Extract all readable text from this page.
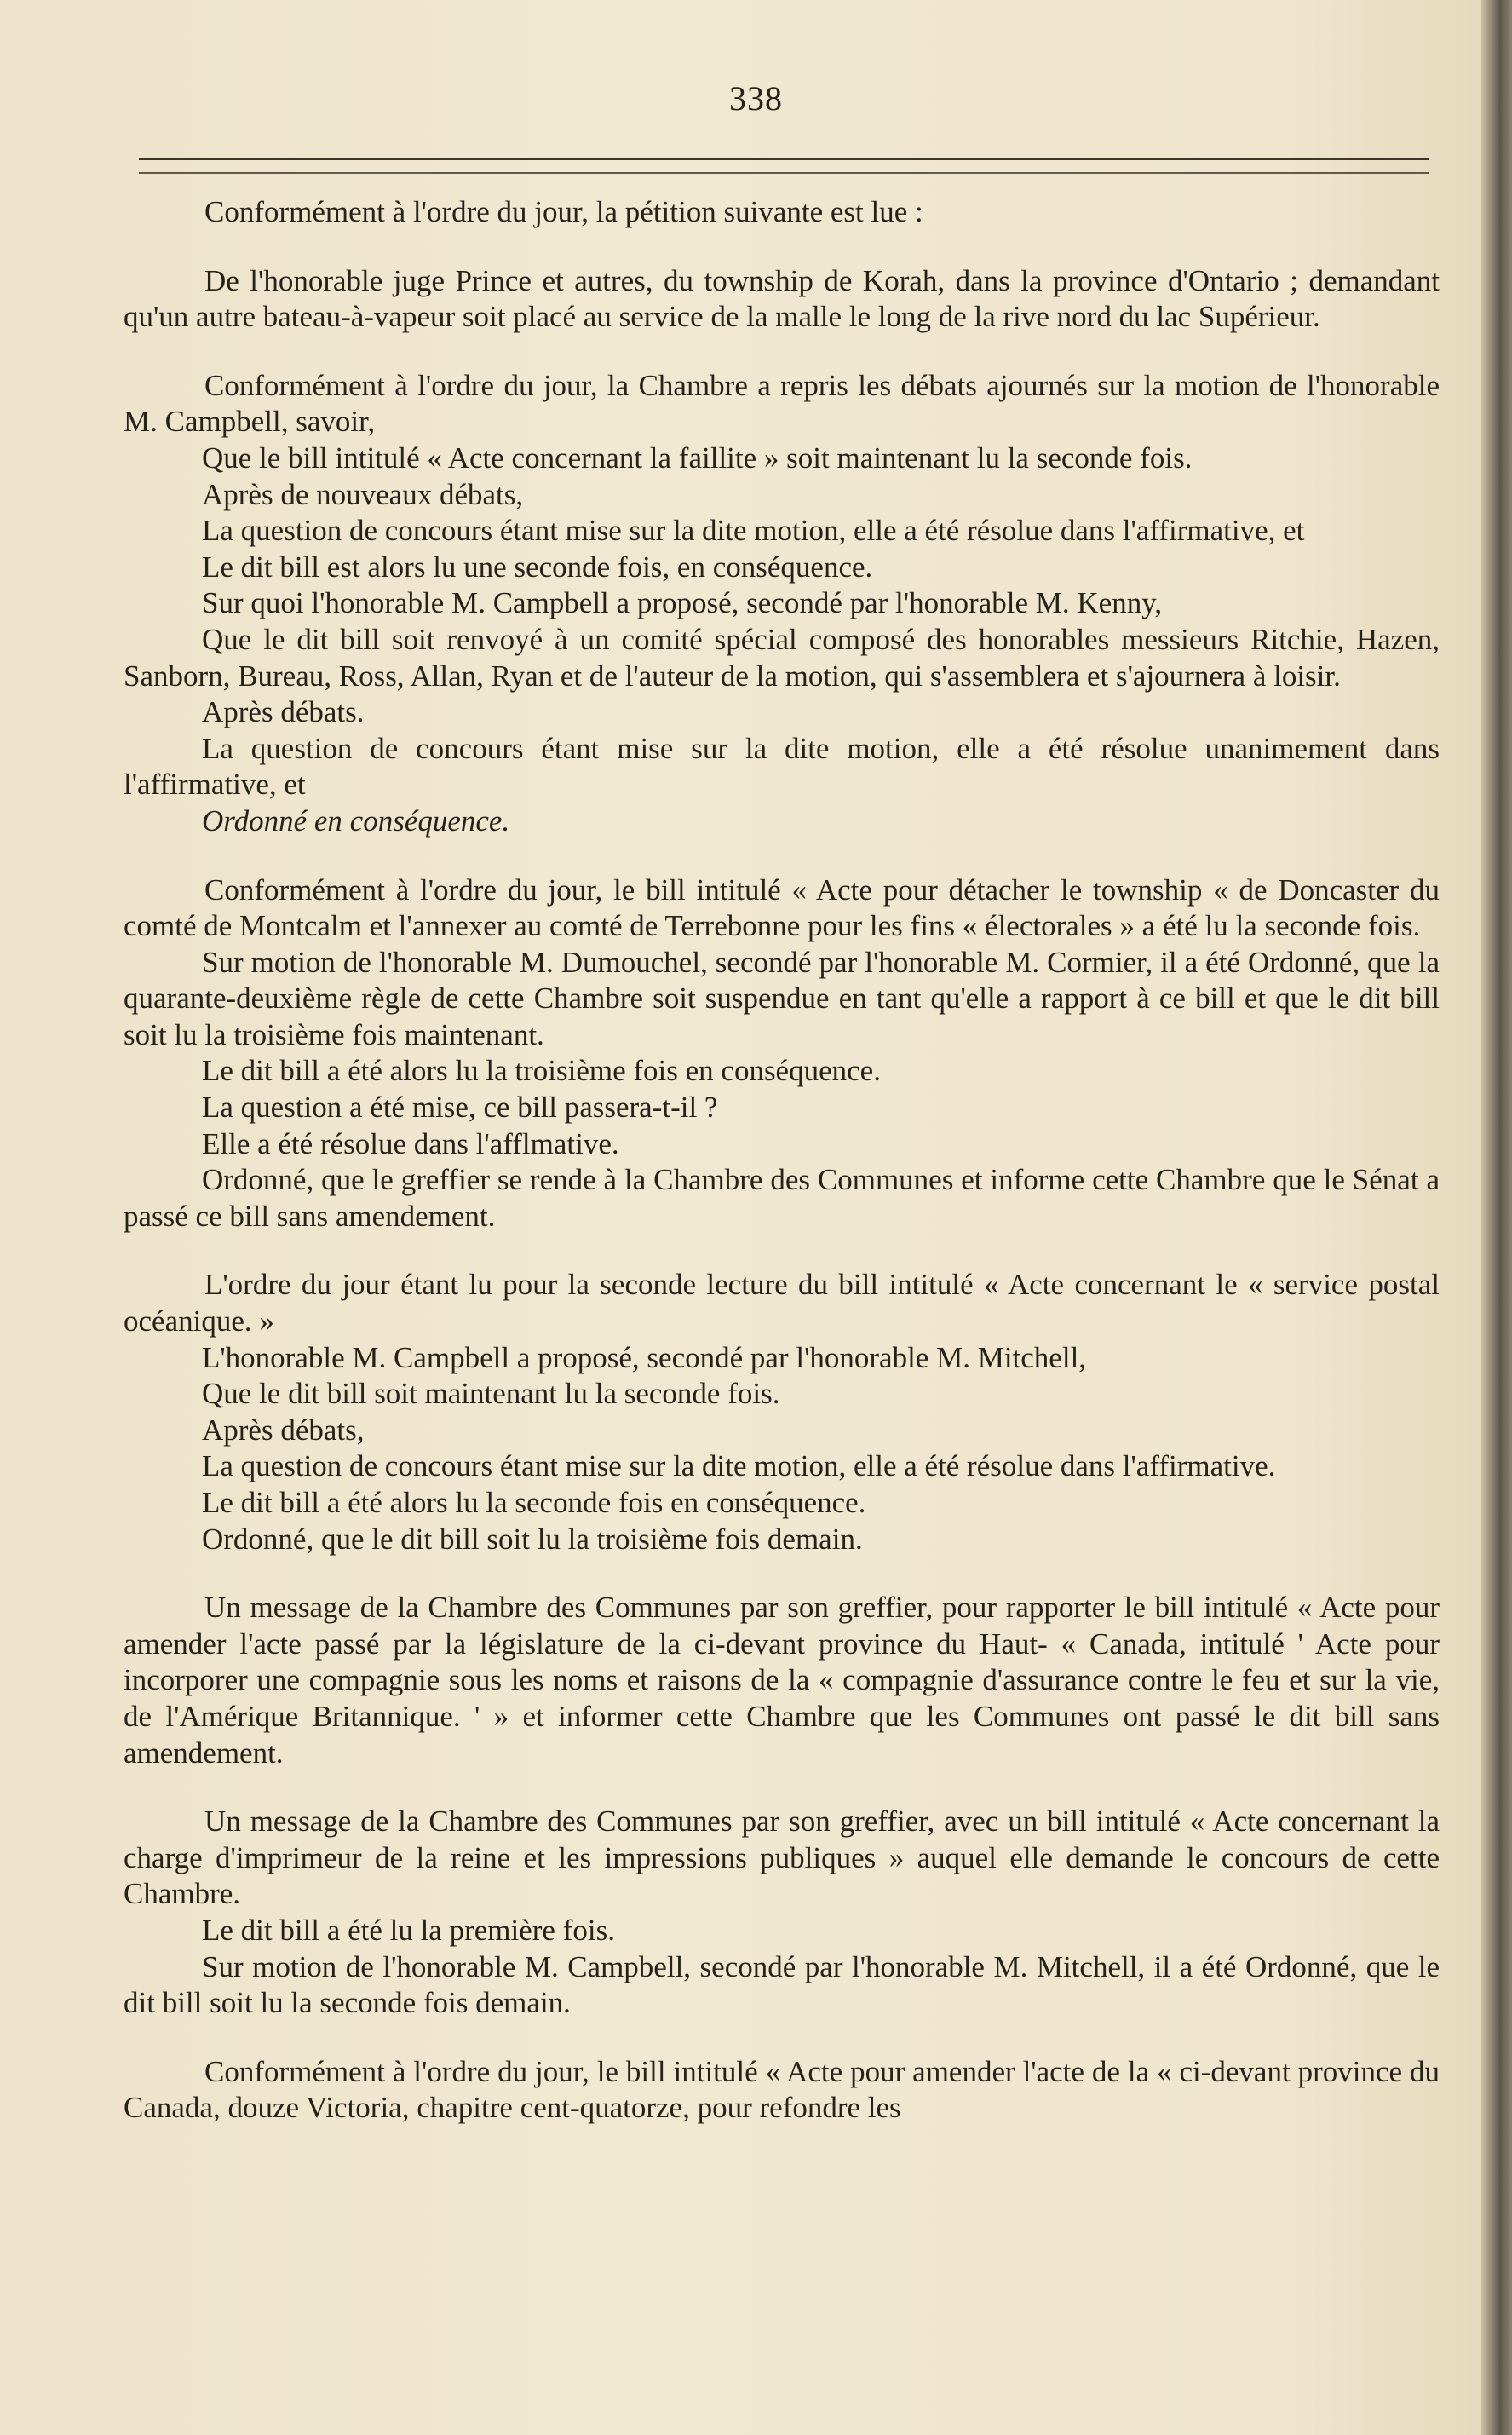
338

Conformément à l'ordre du jour, la pétition suivante est lue :

De l'honorable juge Prince et autres, du township de Korah, dans la province d'Ontario ; demandant qu'un autre bateau-à-vapeur soit placé au service de la malle le long de la rive nord du lac Supérieur.

Conformément à l'ordre du jour, la Chambre a repris les débats ajournés sur la motion de l'honorable M. Campbell, savoir,

Que le bill intitulé « Acte concernant la faillite » soit maintenant lu la seconde fois.

Après de nouveaux débats,

La question de concours étant mise sur la dite motion, elle a été résolue dans l'affirmative, et

Le dit bill est alors lu une seconde fois, en conséquence.

Sur quoi l'honorable M. Campbell a proposé, secondé par l'honorable M. Kenny,

Que le dit bill soit renvoyé à un comité spécial composé des honorables messieurs Ritchie, Hazen, Sanborn, Bureau, Ross, Allan, Ryan et de l'auteur de la motion, qui s'assemblera et s'ajournera à loisir.

Après débats.

La question de concours étant mise sur la dite motion, elle a été résolue unanimement dans l'affirmative, et

Ordonné en conséquence.

Conformément à l'ordre du jour, le bill intitulé « Acte pour détacher le township « de Doncaster du comté de Montcalm et l'annexer au comté de Terrebonne pour les fins « électorales » a été lu la seconde fois.

Sur motion de l'honorable M. Dumouchel, secondé par l'honorable M. Cormier, il a été Ordonné, que la quarante-deuxième règle de cette Chambre soit suspendue en tant qu'elle a rapport à ce bill et que le dit bill soit lu la troisième fois maintenant.

Le dit bill a été alors lu la troisième fois en conséquence.

La question a été mise, ce bill passera-t-il ?

Elle a été résolue dans l'afflmative.

Ordonné, que le greffier se rende à la Chambre des Communes et informe cette Chambre que le Sénat a passé ce bill sans amendement.

L'ordre du jour étant lu pour la seconde lecture du bill intitulé « Acte concernant le « service postal océanique. »

L'honorable M. Campbell a proposé, secondé par l'honorable M. Mitchell,

Que le dit bill soit maintenant lu la seconde fois.

Après débats,

La question de concours étant mise sur la dite motion, elle a été résolue dans l'affirmative.

Le dit bill a été alors lu la seconde fois en conséquence.

Ordonné, que le dit bill soit lu la troisième fois demain.

Un message de la Chambre des Communes par son greffier, pour rapporter le bill intitulé « Acte pour amender l'acte passé par la législature de la ci-devant province du Haut- « Canada, intitulé ' Acte pour incorporer une compagnie sous les noms et raisons de la « compagnie d'assurance contre le feu et sur la vie, de l'Amérique Britannique. ' » et informer cette Chambre que les Communes ont passé le dit bill sans amendement.

Un message de la Chambre des Communes par son greffier, avec un bill intitulé « Acte concernant la charge d'imprimeur de la reine et les impressions publiques » auquel elle demande le concours de cette Chambre.

Le dit bill a été lu la première fois.

Sur motion de l'honorable M. Campbell, secondé par l'honorable M. Mitchell, il a été Ordonné, que le dit bill soit lu la seconde fois demain.

Conformément à l'ordre du jour, le bill intitulé « Acte pour amender l'acte de la « ci-devant province du Canada, douze Victoria, chapitre cent-quatorze, pour refondre les
